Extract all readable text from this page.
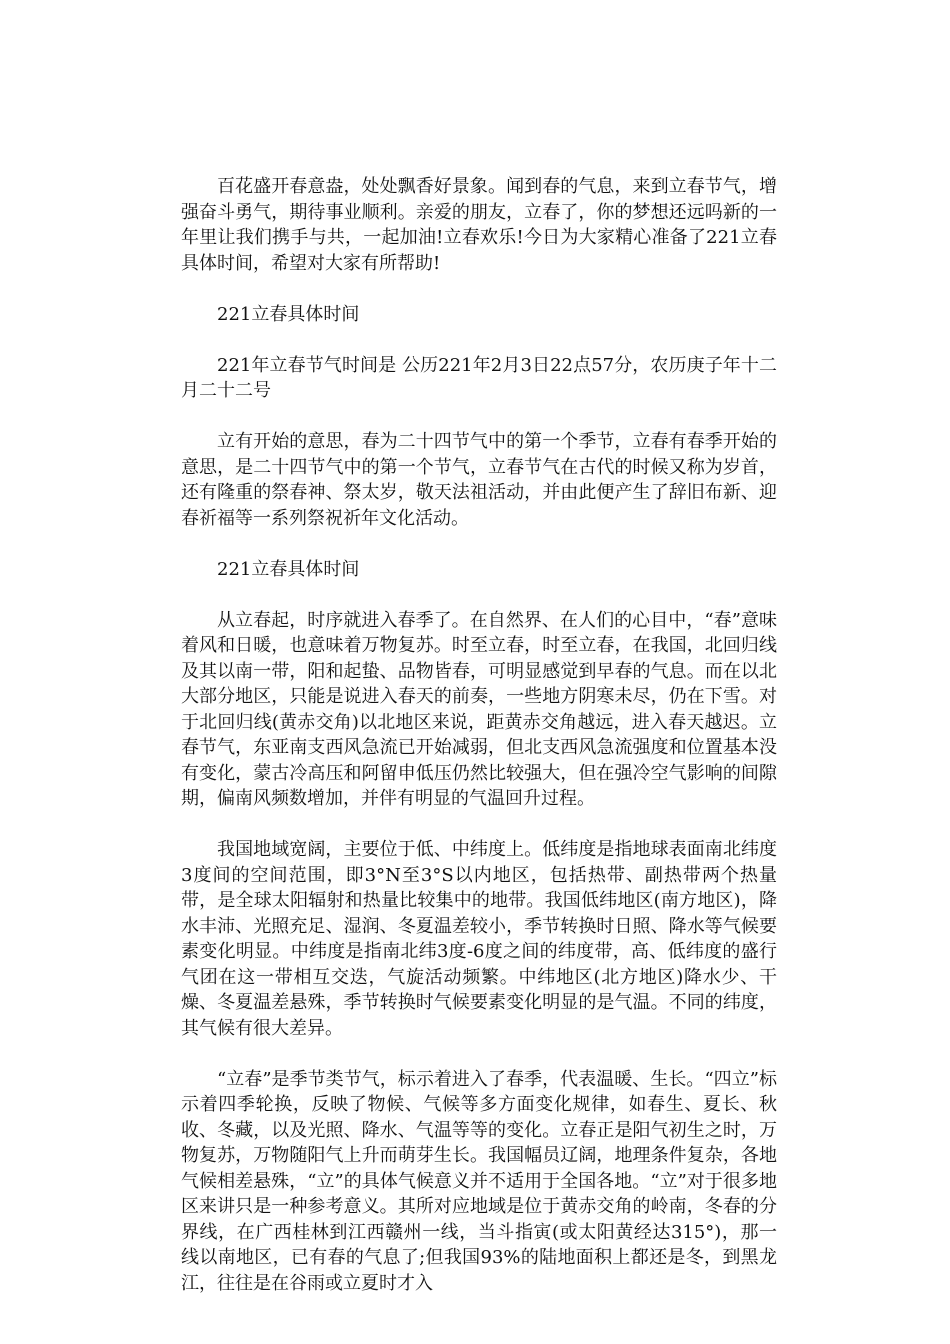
百花盛开春意盎，处处飘香好景象。闻到春的气息，来到立春节气，增强奋斗勇气，期待事业顺利。亲爱的朋友，立春了，你的梦想还远吗新的一年里让我们携手与共，一起加油!立春欢乐!今日为大家精心准备了221立春具体时间，希望对大家有所帮助!

221立春具体时间

221年立春节气时间是 公历221年2月3日22点57分，农历庚子年十二月二十二号

立有开始的意思，春为二十四节气中的第一个季节，立春有春季开始的意思，是二十四节气中的第一个节气，立春节气在古代的时候又称为岁首，还有隆重的祭春神、祭太岁，敬天法祖活动，并由此便产生了辞旧布新、迎春祈福等一系列祭祝祈年文化活动。

221立春具体时间

从立春起，时序就进入春季了。在自然界、在人们的心目中，“春”意味着风和日暖，也意味着万物复苏。时至立春，时至立春，在我国，北回归线及其以南一带，阳和起蛰、品物皆春，可明显感觉到早春的气息。而在以北大部分地区，只能是说进入春天的前奏，一些地方阴寒未尽，仍在下雪。对于北回归线(黄赤交角)以北地区来说，距黄赤交角越远，进入春天越迟。立春节气，东亚南支西风急流已开始减弱，但北支西风急流强度和位置基本没有变化，蒙古冷高压和阿留申低压仍然比较强大，但在强冷空气影响的间隙期，偏南风频数增加，并伴有明显的气温回升过程。

我国地域宽阔，主要位于低、中纬度上。低纬度是指地球表面南北纬度3度间的空间范围，即3°N至3°S以内地区，包括热带、副热带两个热量带，是全球太阳辐射和热量比较集中的地带。我国低纬地区(南方地区)，降水丰沛、光照充足、湿润、冬夏温差较小，季节转换时日照、降水等气候要素变化明显。中纬度是指南北纬3度-6度之间的纬度带，高、低纬度的盛行气团在这一带相互交迭，气旋活动频繁。中纬地区(北方地区)降水少、干燥、冬夏温差悬殊，季节转换时气候要素变化明显的是气温。不同的纬度，其气候有很大差异。

“立春”是季节类节气，标示着进入了春季，代表温暖、生长。“四立”标示着四季轮换，反映了物候、气候等多方面变化规律，如春生、夏长、秋收、冬藏，以及光照、降水、气温等等的变化。立春正是阳气初生之时，万物复苏，万物随阳气上升而萌芽生长。我国幅员辽阔，地理条件复杂，各地气候相差悬殊，“立”的具体气候意义并不适用于全国各地。“立”对于很多地区来讲只是一种参考意义。其所对应地域是位于黄赤交角的岭南，冬春的分界线，在广西桂林到江西赣州一线，当斗指寅(或太阳黄经达315°)，那一线以南地区，已有春的气息了;但我国93%的陆地面积上都还是冬，到黑龙江，往往是在谷雨或立夏时才入
